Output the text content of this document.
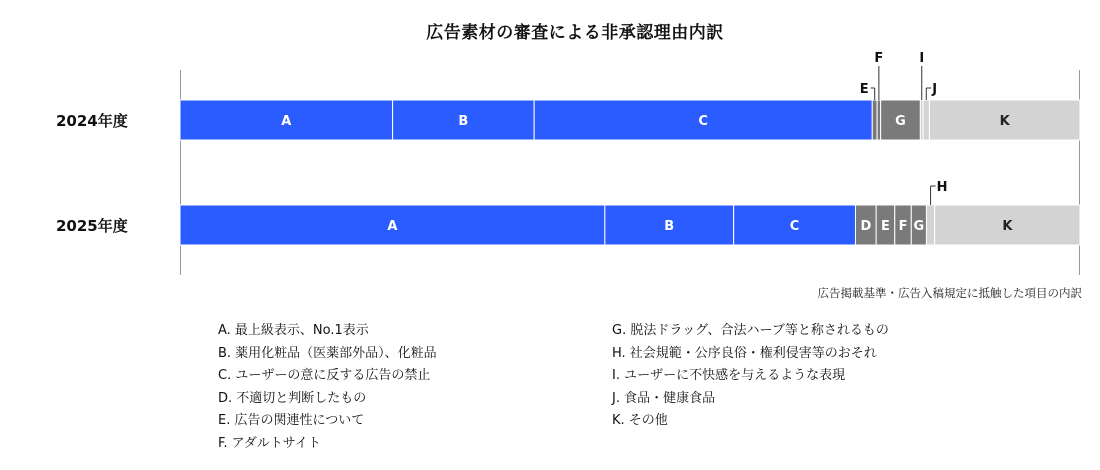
広告素材の審査による非承認理由内訳
2024年度	A	B	C	G	K
E
F	I
J
2025年度	A	B	C	D E F G	K
H
広告掲載基準・広告入稿規定に抵触した項目の内訳
A. 最上級表示、No.1表示
B. 薬用化粧品（医薬部外品）、化粧品
C. ユーザーの意に反する広告の禁止
D. 不適切と判断したもの
E. 広告の関連性について
F. アダルトサイト
G. 脱法ドラッグ、合法ハーブ等と称されるもの
H. 社会規範・公序良俗・権利侵害等のおそれ
I. ユーザーに不快感を与えるような表現
J. 食品・健康食品
K. その他
